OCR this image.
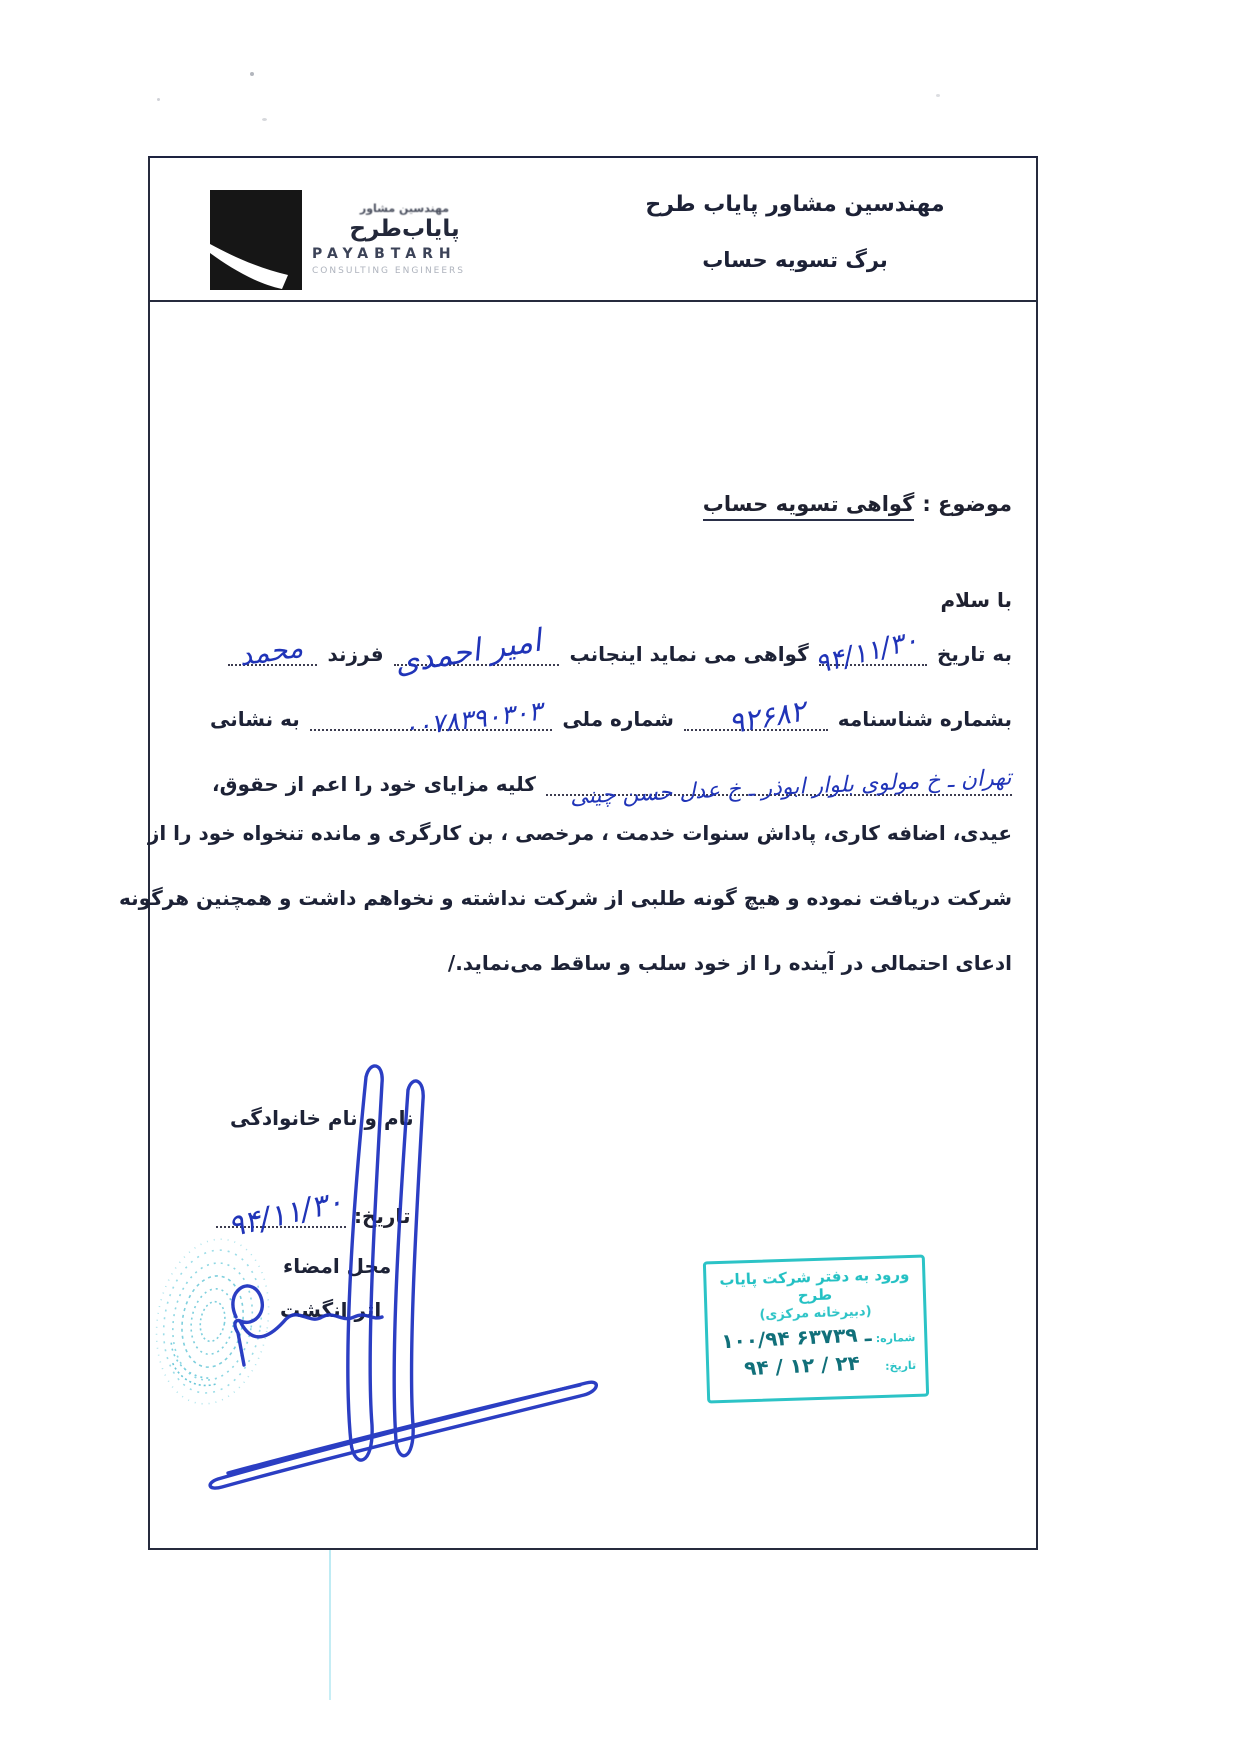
مهندسین مشاور
پایاب‌طرح
PAYABTARH
CONSULTING ENGINEERS
مهندسین مشاور پایاب طرح
برگ تسویه حساب
موضوع :
گواهی تسویه حساب
با سلام
به تاریخ
۹۴/۱۱/۳۰
گواهی می نماید اینجانب
امیر احمدی
فرزند
محمد
بشماره شناسنامه
۹۲۶۸۲
شماره ملی
۰۰۷۸۳۹۰۳۰۳
به نشانی
تهران ـ خ مولوی بلوار ابوذر ـ خ عدل حسن چینی
کلیه مزایای خود را اعم از حقوق،
عیدی، اضافه کاری، پاداش سنوات خدمت ، مرخصی ، بن کارگری و مانده تنخواه خود را از
شرکت دریافت نموده و هیچ گونه طلبی از شرکت نداشته و نخواهم داشت و همچنین هرگونه
ادعای احتمالی در آینده را از خود سلب و ساقط می‌نماید./
نام و نام خانوادگی
تاریخ:
۹۴/۱۱/۳۰
محل امضاء
اثر انگشت
ورود به دفتر شرکت پایاب طرح
(دبیرخانه مرکزی)
شماره:
۱۰۰/۹۴ ـ ۶۳۷۳۹
تاریخ:
۹۴ / ۱۲ / ۲۴
